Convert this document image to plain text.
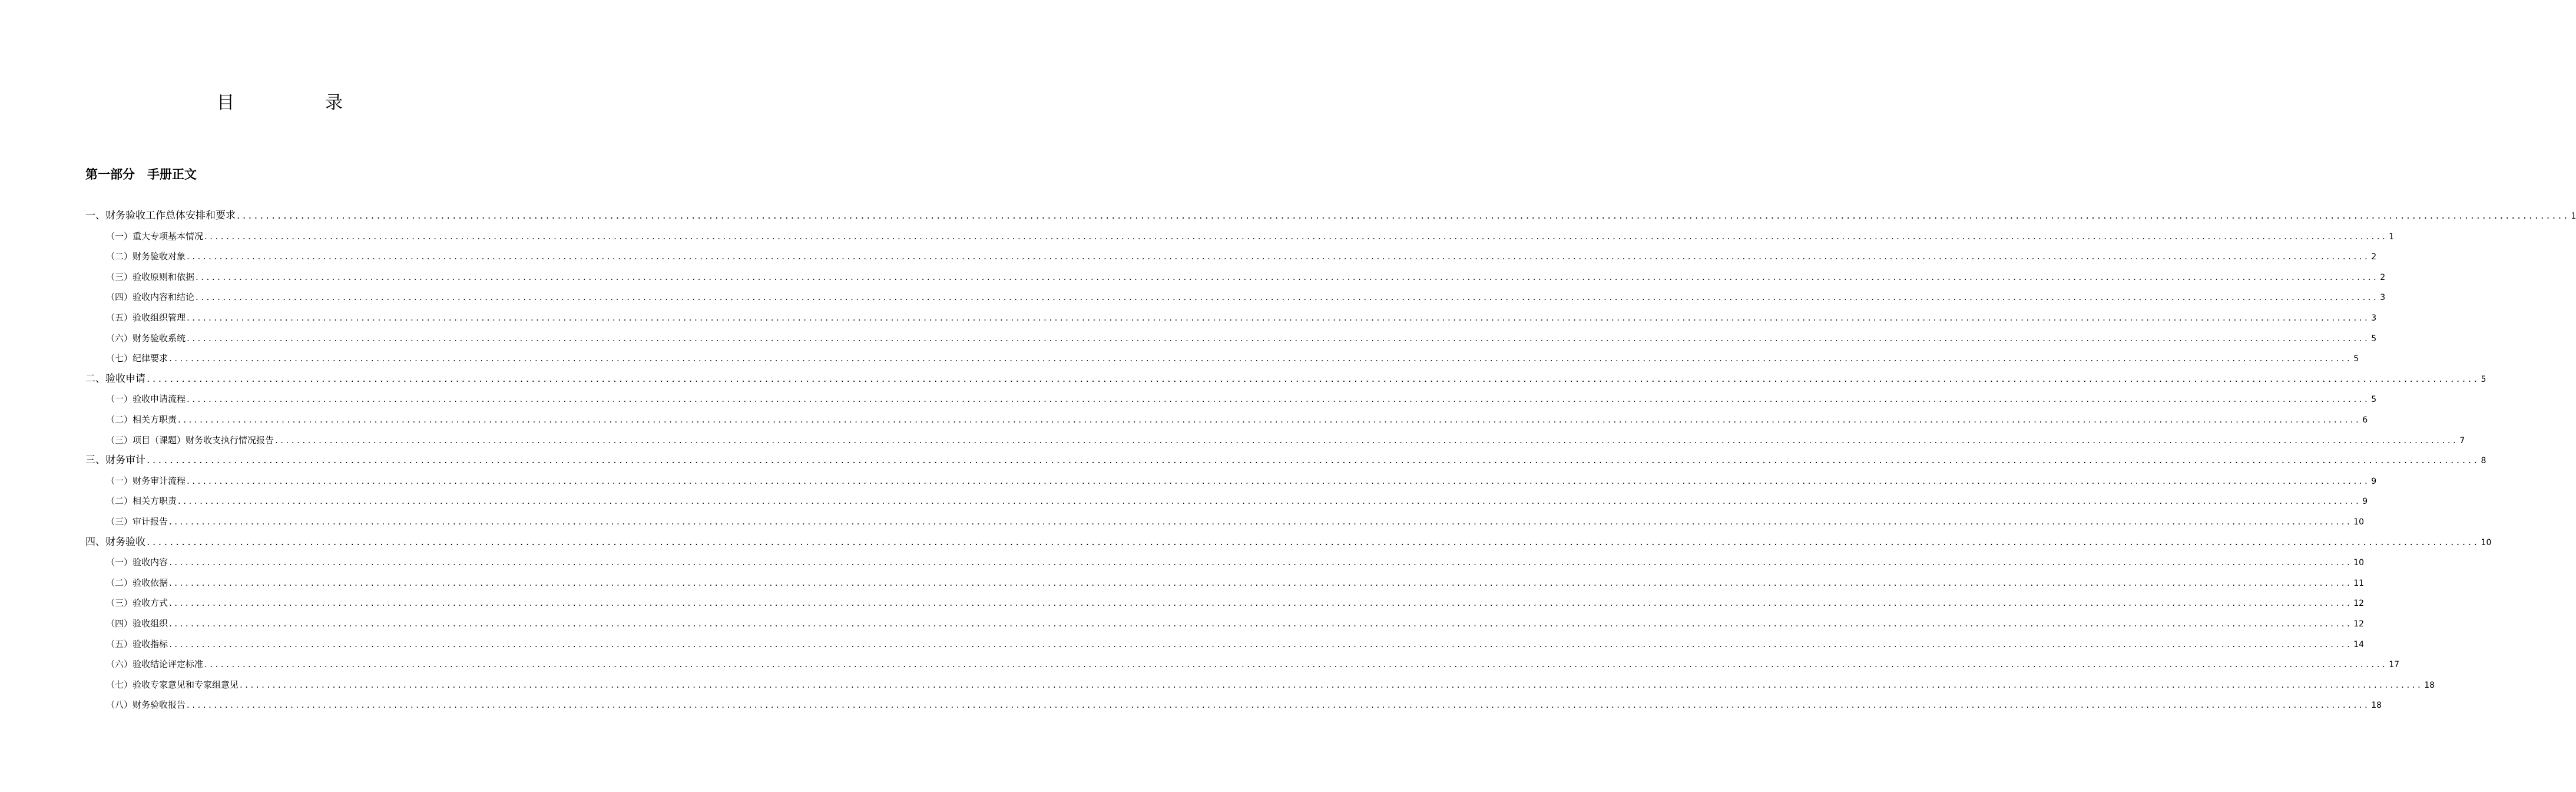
目　录
第一部分　手册正文
一、财务验收工作总体安排和要求 ................................................................................................................................................................................................................................................................................................................................................................................................................ 1
（一）重大专项基本情况 ................................................................................................................................................................................................................................................................................................................................................................................................................ 1
（二）财务验收对象 ................................................................................................................................................................................................................................................................................................................................................................................................................ 2
（三）验收原则和依据 ................................................................................................................................................................................................................................................................................................................................................................................................................ 2
（四）验收内容和结论 ................................................................................................................................................................................................................................................................................................................................................................................................................ 3
（五）验收组织管理 ................................................................................................................................................................................................................................................................................................................................................................................................................ 3
（六）财务验收系统 ................................................................................................................................................................................................................................................................................................................................................................................................................ 5
（七）纪律要求 ................................................................................................................................................................................................................................................................................................................................................................................................................ 5
二、验收申请 ................................................................................................................................................................................................................................................................................................................................................................................................................ 5
（一）验收申请流程 ................................................................................................................................................................................................................................................................................................................................................................................................................ 5
（二）相关方职责 ................................................................................................................................................................................................................................................................................................................................................................................................................ 6
（三）项目（课题）财务收支执行情况报告 ................................................................................................................................................................................................................................................................................................................................................................................................................ 7
三、财务审计 ................................................................................................................................................................................................................................................................................................................................................................................................................ 8
（一）财务审计流程 ................................................................................................................................................................................................................................................................................................................................................................................................................ 9
（二）相关方职责 ................................................................................................................................................................................................................................................................................................................................................................................................................ 9
（三）审计报告 ................................................................................................................................................................................................................................................................................................................................................................................................................ 10
四、财务验收 ................................................................................................................................................................................................................................................................................................................................................................................................................ 10
（一）验收内容 ................................................................................................................................................................................................................................................................................................................................................................................................................ 10
（二）验收依据 ................................................................................................................................................................................................................................................................................................................................................................................................................ 11
（三）验收方式 ................................................................................................................................................................................................................................................................................................................................................................................................................ 12
（四）验收组织 ................................................................................................................................................................................................................................................................................................................................................................................................................ 12
（五）验收指标 ................................................................................................................................................................................................................................................................................................................................................................................................................ 14
（六）验收结论评定标准 ................................................................................................................................................................................................................................................................................................................................................................................................................ 17
（七）验收专家意见和专家组意见 ................................................................................................................................................................................................................................................................................................................................................................................................................ 18
（八）财务验收报告 ................................................................................................................................................................................................................................................................................................................................................................................................................ 18
